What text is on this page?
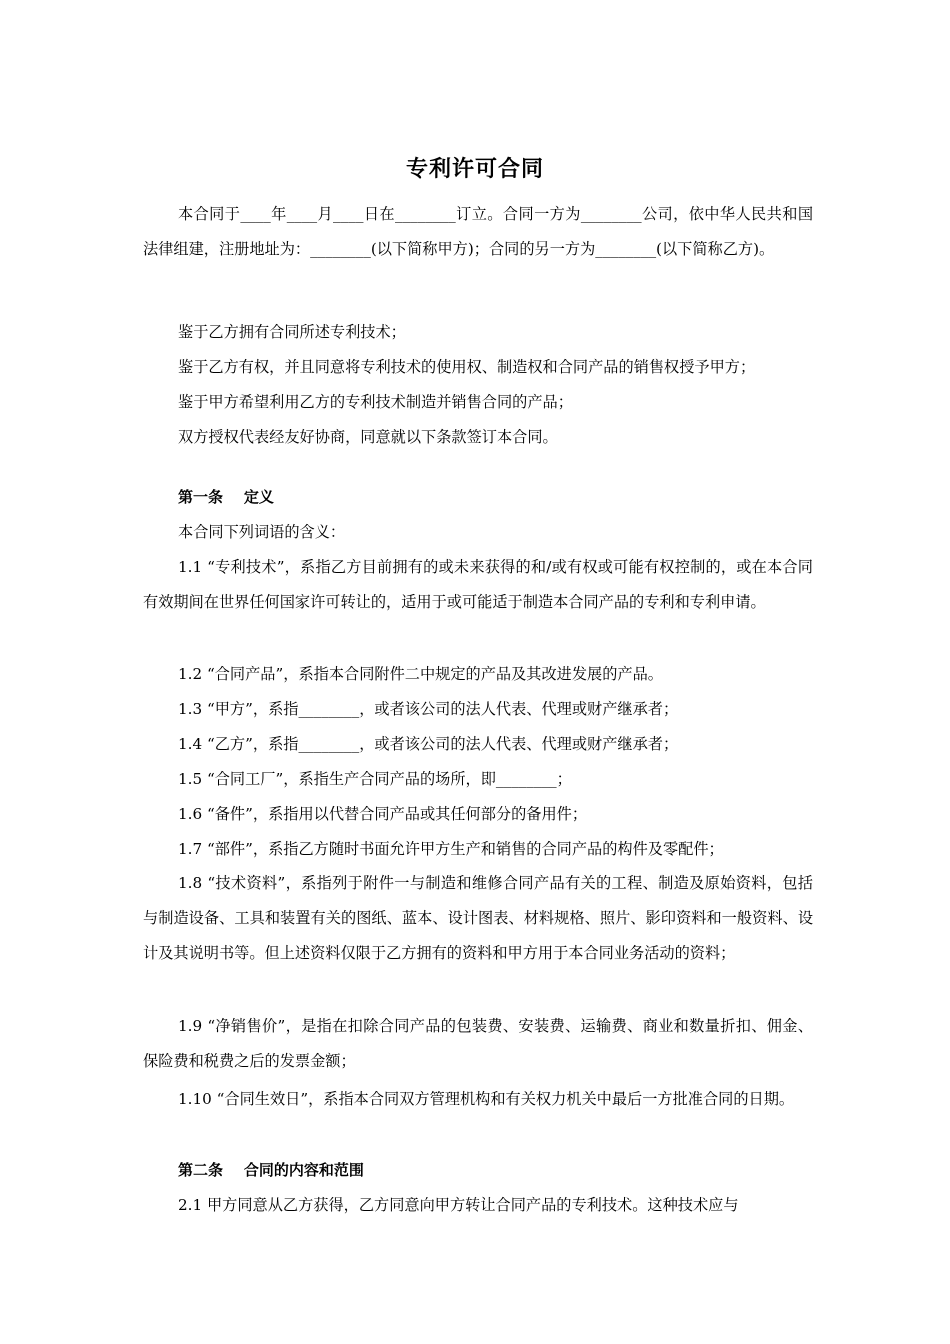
专利许可合同
本合同于____年____月____日在________订立。合同一方为________公司，依中华人民共和国法律组建，注册地址为：________(以下简称甲方)；合同的另一方为________(以下简称乙方)。
鉴于乙方拥有合同所述专利技术；
鉴于乙方有权，并且同意将专利技术的使用权、制造权和合同产品的销售权授予甲方；
鉴于甲方希望利用乙方的专利技术制造并销售合同的产品；
双方授权代表经友好协商，同意就以下条款签订本合同。
第一条    定义
本合同下列词语的含义：
1.1 “专利技术”，系指乙方目前拥有的或未来获得的和/或有权或可能有权控制的，或在本合同有效期间在世界任何国家许可转让的，适用于或可能适于制造本合同产品的专利和专利申请。
1.2 “合同产品”，系指本合同附件二中规定的产品及其改进发展的产品。
1.3 “甲方”，系指________，或者该公司的法人代表、代理或财产继承者；
1.4 “乙方”，系指________，或者该公司的法人代表、代理或财产继承者；
1.5 “合同工厂”，系指生产合同产品的场所，即________；
1.6 “备件”，系指用以代替合同产品或其任何部分的备用件；
1.7 “部件”，系指乙方随时书面允许甲方生产和销售的合同产品的构件及零配件；
1.8 “技术资料”，系指列于附件一与制造和维修合同产品有关的工程、制造及原始资料，包括与制造设备、工具和装置有关的图纸、蓝本、设计图表、材料规格、照片、影印资料和一般资料、设计及其说明书等。但上述资料仅限于乙方拥有的资料和甲方用于本合同业务活动的资料；
1.9 “净销售价”，是指在扣除合同产品的包装费、安装费、运输费、商业和数量折扣、佣金、保险费和税费之后的发票金额；
1.10 “合同生效日”，系指本合同双方管理机构和有关权力机关中最后一方批准合同的日期。
第二条    合同的内容和范围
2.1 甲方同意从乙方获得，乙方同意向甲方转让合同产品的专利技术。这种技术应与
